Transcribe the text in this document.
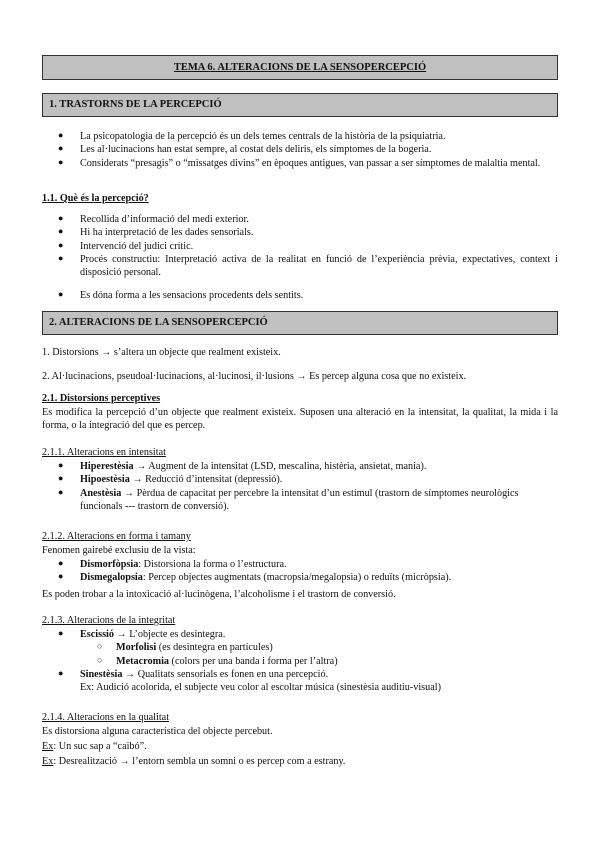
TEMA 6. ALTERACIONS DE LA SENSOPERCEPCIÓ
1. TRASTORNS DE LA PERCEPCIÓ
● La psicopatologia de la percepció és un dels temes centrals de la història de la psiquiatria.
● Les al·lucinacions han estat sempre, al costat dels deliris, els símptomes de la bogeria.
● Considerats “presagis” o “missatges divins” en èpoques antigues, van passar a ser símptomes de malaltia mental.
1.1. Què és la percepció?
● Recollida d’informació del medi exterior.
● Hi ha interpretació de les dades sensorials.
● Intervenció del judici crític.
● Procés constructiu: Interpretació activa de la realitat en funció de l’experiència prèvia, expectatives, context i disposició personal.
● Es dóna forma a les sensacions procedents dels sentits.
2. ALTERACIONS DE LA SENSOPERCEPCIÓ
1. Distorsions → s’altera un objecte que realment existeix.
2. Al·lucinacions, pseudoal·lucinacions, al·lucinosi, il·lusions → Es percep alguna cosa que no existeix.
2.1. Distorsions perceptives
Es modifica la percepció d’un objecte que realment existeix. Suposen una alteració en la intensitat, la qualitat, la mida i la forma, o la integració del que es percep.
2.1.1. Alteracions en intensitat
● Hiperestèsia → Augment de la intensitat (LSD, mescalina, histèria, ansietat, mania).
● Hipoestèsia → Reducció d’intensitat (depressió).
● Anestèsia → Pèrdua de capacitat per percebre la intensitat d’un estímul (trastorn de símptomes neurològics funcionals --- trastorn de conversió).
2.1.2. Alteracions en forma i tamany
Fenomen gairebé exclusiu de la vista:
● Dismorfòpsia: Distorsiona la forma o l’estructura.
● Dismegalopsia: Percep objectes augmentats (macropsia/megalopsia) o reduïts (micròpsia).
Es poden trobar a la intoxicació al·lucinògena, l’alcoholisme i el trastorn de conversió.
2.1.3. Alteracions de la integritat
● Escissió → L’objecte es desintegra.
○ Morfolisi (es desintegra en partícules)
○ Metacromia (colors per una banda i forma per l’altra)
● Sinestèsia → Qualitats sensorials es fonen en una percepció.
Ex: Audició acolorida, el subjecte veu color al escoltar música (sinestèsia auditiu-visual)
2.1.4. Alteracions en la qualitat
Es distorsiona alguna característica del objecte percebut.
Ex: Un suc sap a “caibó”.
Ex: Desrealització → l’entorn sembla un somni o es percep com a estrany.
